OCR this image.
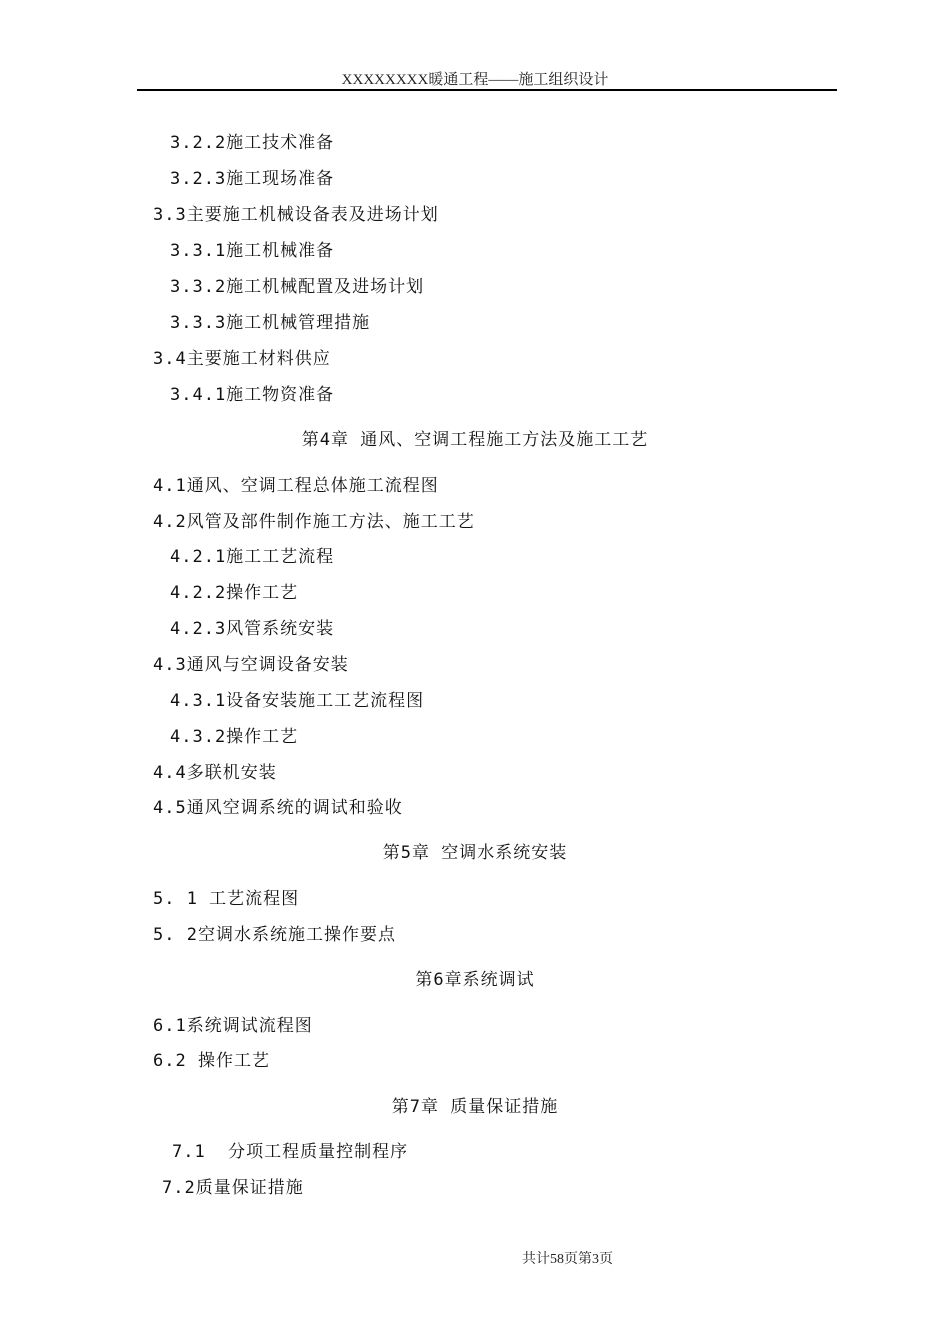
XXXXXXXX暖通工程——施工组织设计
3.2.2施工技术准备
3.2.3施工现场准备
3.3主要施工机械设备表及进场计划
3.3.1施工机械准备
3.3.2施工机械配置及进场计划
3.3.3施工机械管理措施
3.4主要施工材料供应
3.4.1施工物资准备
第4章 通风、空调工程施工方法及施工工艺
4.1通风、空调工程总体施工流程图
4.2风管及部件制作施工方法、施工工艺
4.2.1施工工艺流程
4.2.2操作工艺
4.2.3风管系统安装
4.3通风与空调设备安装
4.3.1设备安装施工工艺流程图
4.3.2操作工艺
4.4多联机安装
4.5通风空调系统的调试和验收
第5章 空调水系统安装
5. 1 工艺流程图
5. 2空调水系统施工操作要点
第6章系统调试
6.1系统调试流程图
6.2 操作工艺
第7章 质量保证措施
7.1  分项工程质量控制程序
7.2质量保证措施
共计58页第3页
